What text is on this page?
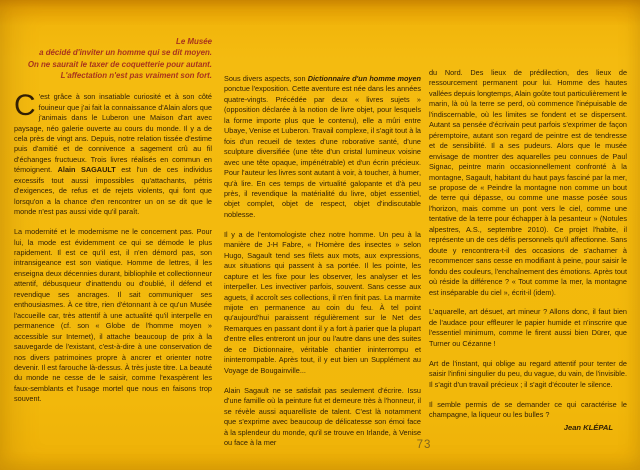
Le Musée
a décidé d'inviter un homme qui se dit moyen.
On ne saurait le taxer de coquetterie pour autant.
L'affectation n'est pas vraiment son fort.

C 'est grâce à son insatiable curiosité et à son côté fouineur que j'ai fait la connaissance d'Alain alors que j'animais dans le Luberon une Maison d'art avec paysage, néo galerie ouverte au cours du monde. Il y a de cela près de vingt ans. Depuis, notre relation tissée d'estime puis d'amitié et de connivence a sagement crû au fil d'échanges fructueux. Trois livres réalisés en commun en témoignent. Alain SAGAULT est l'un de ces individus excessifs tout aussi impossibles qu'attachants, pétris d'exigences, de refus et de rejets violents, qui font que lorsqu'on a la chance d'en rencontrer un on se dit que le monde n'est pas aussi vide qu'il paraît.

La modernité et le modernisme ne le concernent pas. Pour lui, la mode est évidemment ce qui se démode le plus rapidement. Il est ce qu'il est, il n'en démord pas, son intransigeance est son viatique. Homme de lettres, il les enseigna deux décennies durant, bibliophile et collectionneur attentif, débusqueur d'inattendu ou d'oublié, il défend et revendique ses ancrages. Il sait communiquer ses enthousiasmes. À ce titre, rien d'étonnant à ce qu'un Musée l'accueille car, très attentif à une actualité qu'il interpelle en permanence (cf. son « Globe de l'homme moyen » accessible sur Internet), il attache beaucoup de prix à la sauvegarde de l'existant, c'est-à-dire à une conservation de nos divers patrimoines propre à ancrer et orienter notre devenir. Il est farouche là-dessus. À très juste titre. La beauté du monde ne cesse de le saisir, comme l'exaspèrent les faux-semblants et l'usage mortel que nous en faisons trop souvent.

Sous divers aspects, son Dictionnaire d'un homme moyen ponctue l'exposition. Cette aventure est née dans les années quatre-vingts. Précédée par deux « livres sujets » (opposition déclarée à la notion de livre objet, pour lesquels la forme importe plus que le contenu), elle a mûri entre Ubaye, Venise et Luberon. Travail complexe, il s'agit tout à la fois d'un recueil de textes d'une roborative santé, d'une sculpture diversifiée (une tête d'un cristal lumineux voisine avec une tête opaque, impénétrable) et d'un écrin précieux. Pour l'auteur les livres sont autant à voir, à toucher, à humer, qu'à lire. En ces temps de virtualité galopante et d'à peu près, il revendique la matérialité du livre, objet essentiel, objet complet, objet de respect, objet d'indiscutable noblesse.

Il y a de l'entomologiste chez notre homme. Un peu à la manière de J-H Fabre, « l'Homère des insectes » selon Hugo, Sagault tend ses filets aux mots, aux expressions, aux situations qui passent à sa portée. Il les pointe, les capture et les fixe pour les observer, les analyser et les interpeller. Les invectiver parfois, souvent. Sans cesse aux aguets, il accroît ses collections, il n'en finit pas. La marmite mijote en permanence au coin du feu. À tel point qu'aujourd'hui paraissent régulièrement sur le Net des Remarques en passant dont il y a fort à parier que la plupart d'entre elles entreront un jour ou l'autre dans une des suites de ce Dictionnaire, véritable chantier ininterrompu et ininterrompable. Après tout, il y eut bien un Supplément au Voyage de Bougainville...

Alain Sagault ne se satisfait pas seulement d'écrire. Issu d'une famille où la peinture fut et demeure très à l'honneur, il se révèle aussi aquarelliste de talent. C'est là notamment que s'exprime avec beaucoup de délicatesse son émoi face à la splendeur du monde, qu'il se trouve en Irlande, à Venise ou face à la mer

du Nord. Des lieux de prédilection, des lieux de ressourcement permanent pour lui. Homme des hautes vallées depuis longtemps, Alain goûte tout particulièrement le marin, là où la terre se perd, où commence l'inépuisable de l'indiscernable, où les limites se fondent et se dispersent. Autant sa pensée d'écrivain peut parfois s'exprimer de façon péremptoire, autant son regard de peintre est de tendresse et de sensibilité. Il a ses pudeurs. Alors que le musée envisage de montrer des aquarelles peu connues de Paul Signac, peintre marin occasionnellement confronté à la montagne, Sagault, habitant du haut pays fasciné par la mer, se propose de « Peindre la montagne non comme un bout de terre qui dépasse, ou comme une masse posée sous l'horizon, mais comme un pont vers le ciel, comme une tentative de la terre pour échapper à la pesanteur » (Notules alpestres, A.S., septembre 2010). Ce projet l'habite, il représente un de ces défis personnels qu'il affectionne. Sans doute y rencontrera-t-il des occasions de s'acharner à recommencer sans cesse en modifiant à peine, pour saisir le fondu des couleurs, l'enchaînement des émotions. Après tout où réside la différence ? « Tout comme la mer, la montagne est inséparable du ciel », écrit-il (idem).

L'aquarelle, art désuet, art mineur ? Allons donc, il faut bien de l'audace pour effleurer le papier humide et n'inscrire que l'essentiel minimum, comme le firent aussi bien Dürer, que Turner ou Cézanne !

Art de l'instant, qui oblige au regard attentif pour tenter de saisir l'infini singulier du peu, du vague, du vain, de l'invisible. Il s'agit d'un travail précieux ; il s'agit d'écouter le silence.

Il semble permis de se demander ce qui caractérise le champagne, la liqueur ou les bulles ?

Jean KLÉPAL
73
